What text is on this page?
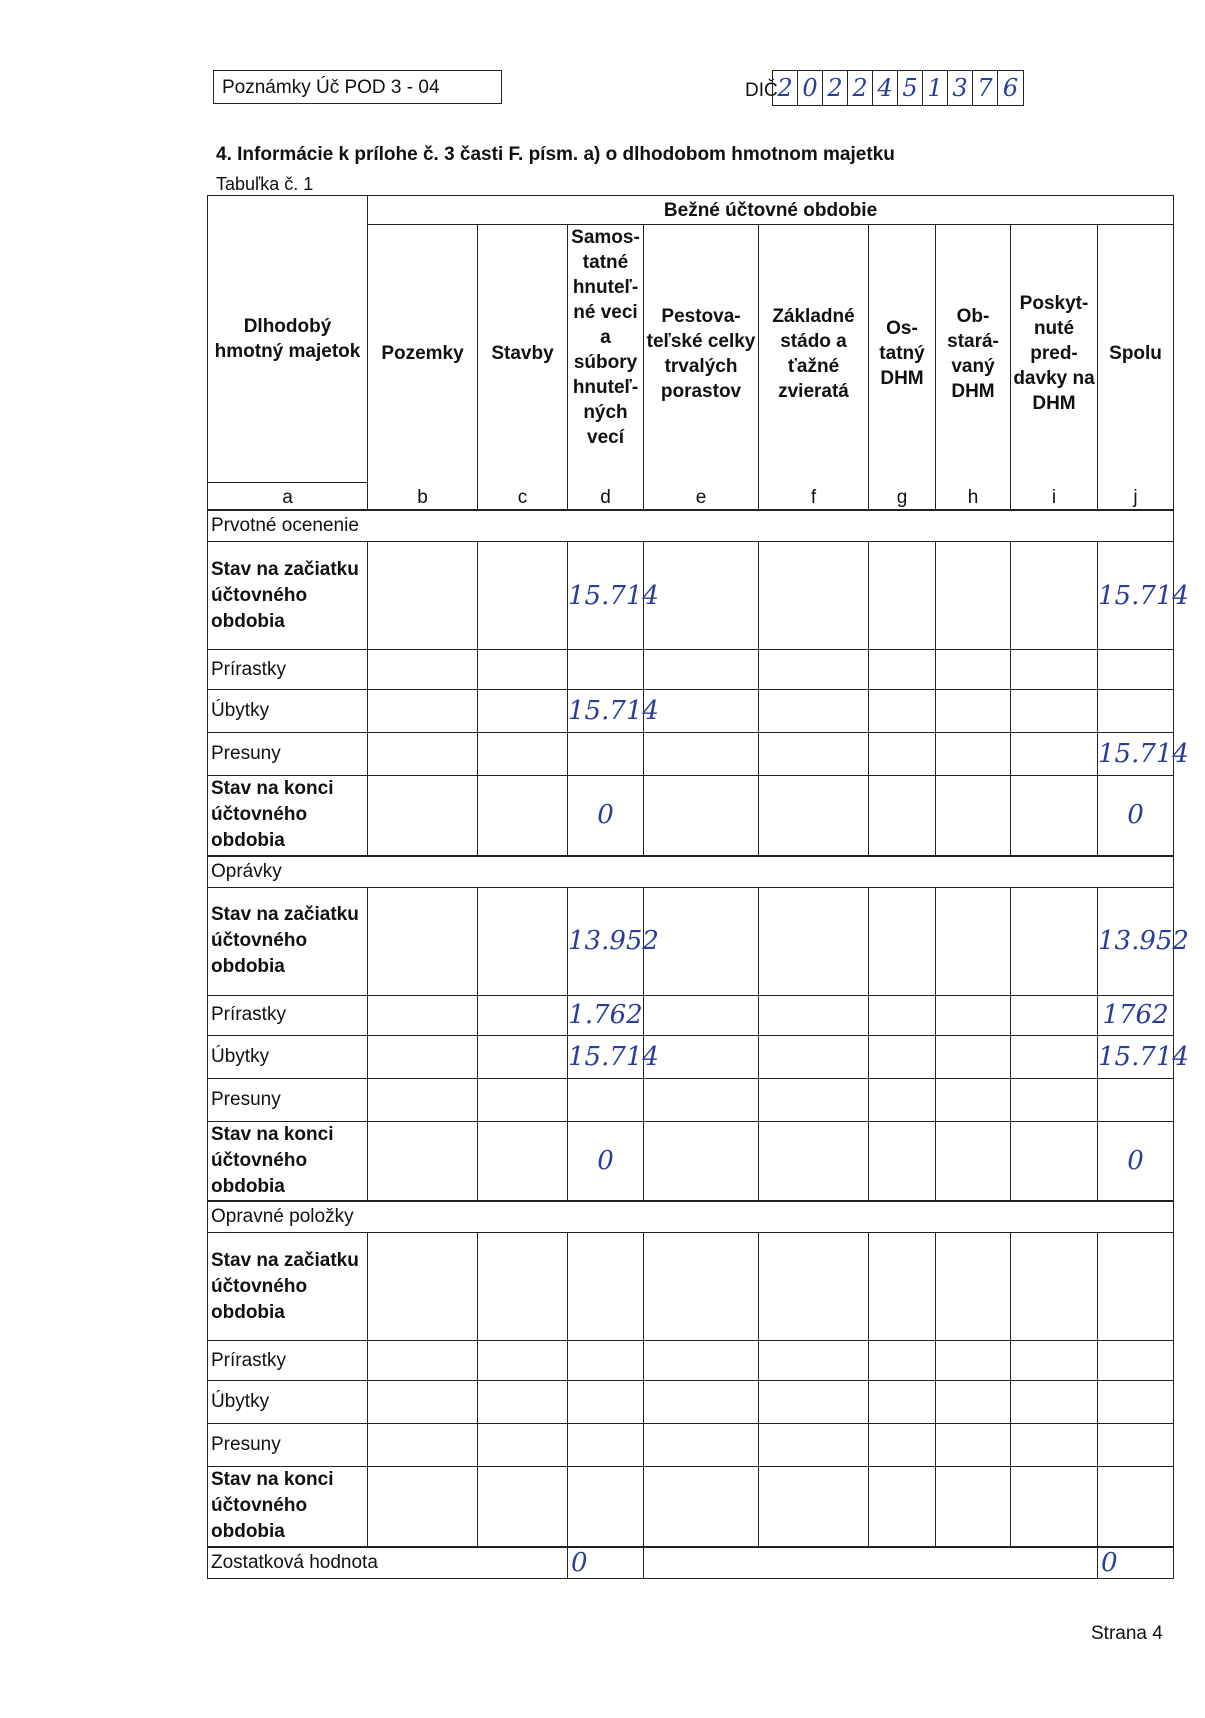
Poznámky Úč POD 3 - 04	DIČ 2 0 2 2 4 5 1 3 7 6
4. Informácie k prílohe č. 3 časti F. písm. a) o dlhodobom hmotnom majetku
Tabuľka č. 1
Dlhodobý hmotný majetok	Bežné účtovné obdobie								
	Pozemky	Stavby	Samos-tatné hnuteľ-né veci a súbory hnuteľ-ných vecí	Pestova-teľské celky trvalých porastov	Základné stádo a ťažné zvieratá	Os-tatný DHM	Ob-stará-vaný DHM	Poskyt-nuté pred-davky na DHM	Spolu
a	b	c	d	e	f	g	h	i	j
Prvotné ocenenie									
Stav na začiatku účtovného obdobia			15.714						15.714
Prírastky									
Úbytky			15.714						
Presuny									15.714
Stav na konci účtovného obdobia			0						0
Oprávky									
Stav na začiatku účtovného obdobia			13.952						13.952
Prírastky			1.762						1762
Úbytky			15.714						15.714
Presuny									
Stav na konci účtovného obdobia			0						0
Opravné položky									
Stav na začiatku účtovného obdobia									
Prírastky									
Úbytky									
Presuny									
Stav na konci účtovného obdobia									
Zostatková hodnota			0						0
Strana 4
